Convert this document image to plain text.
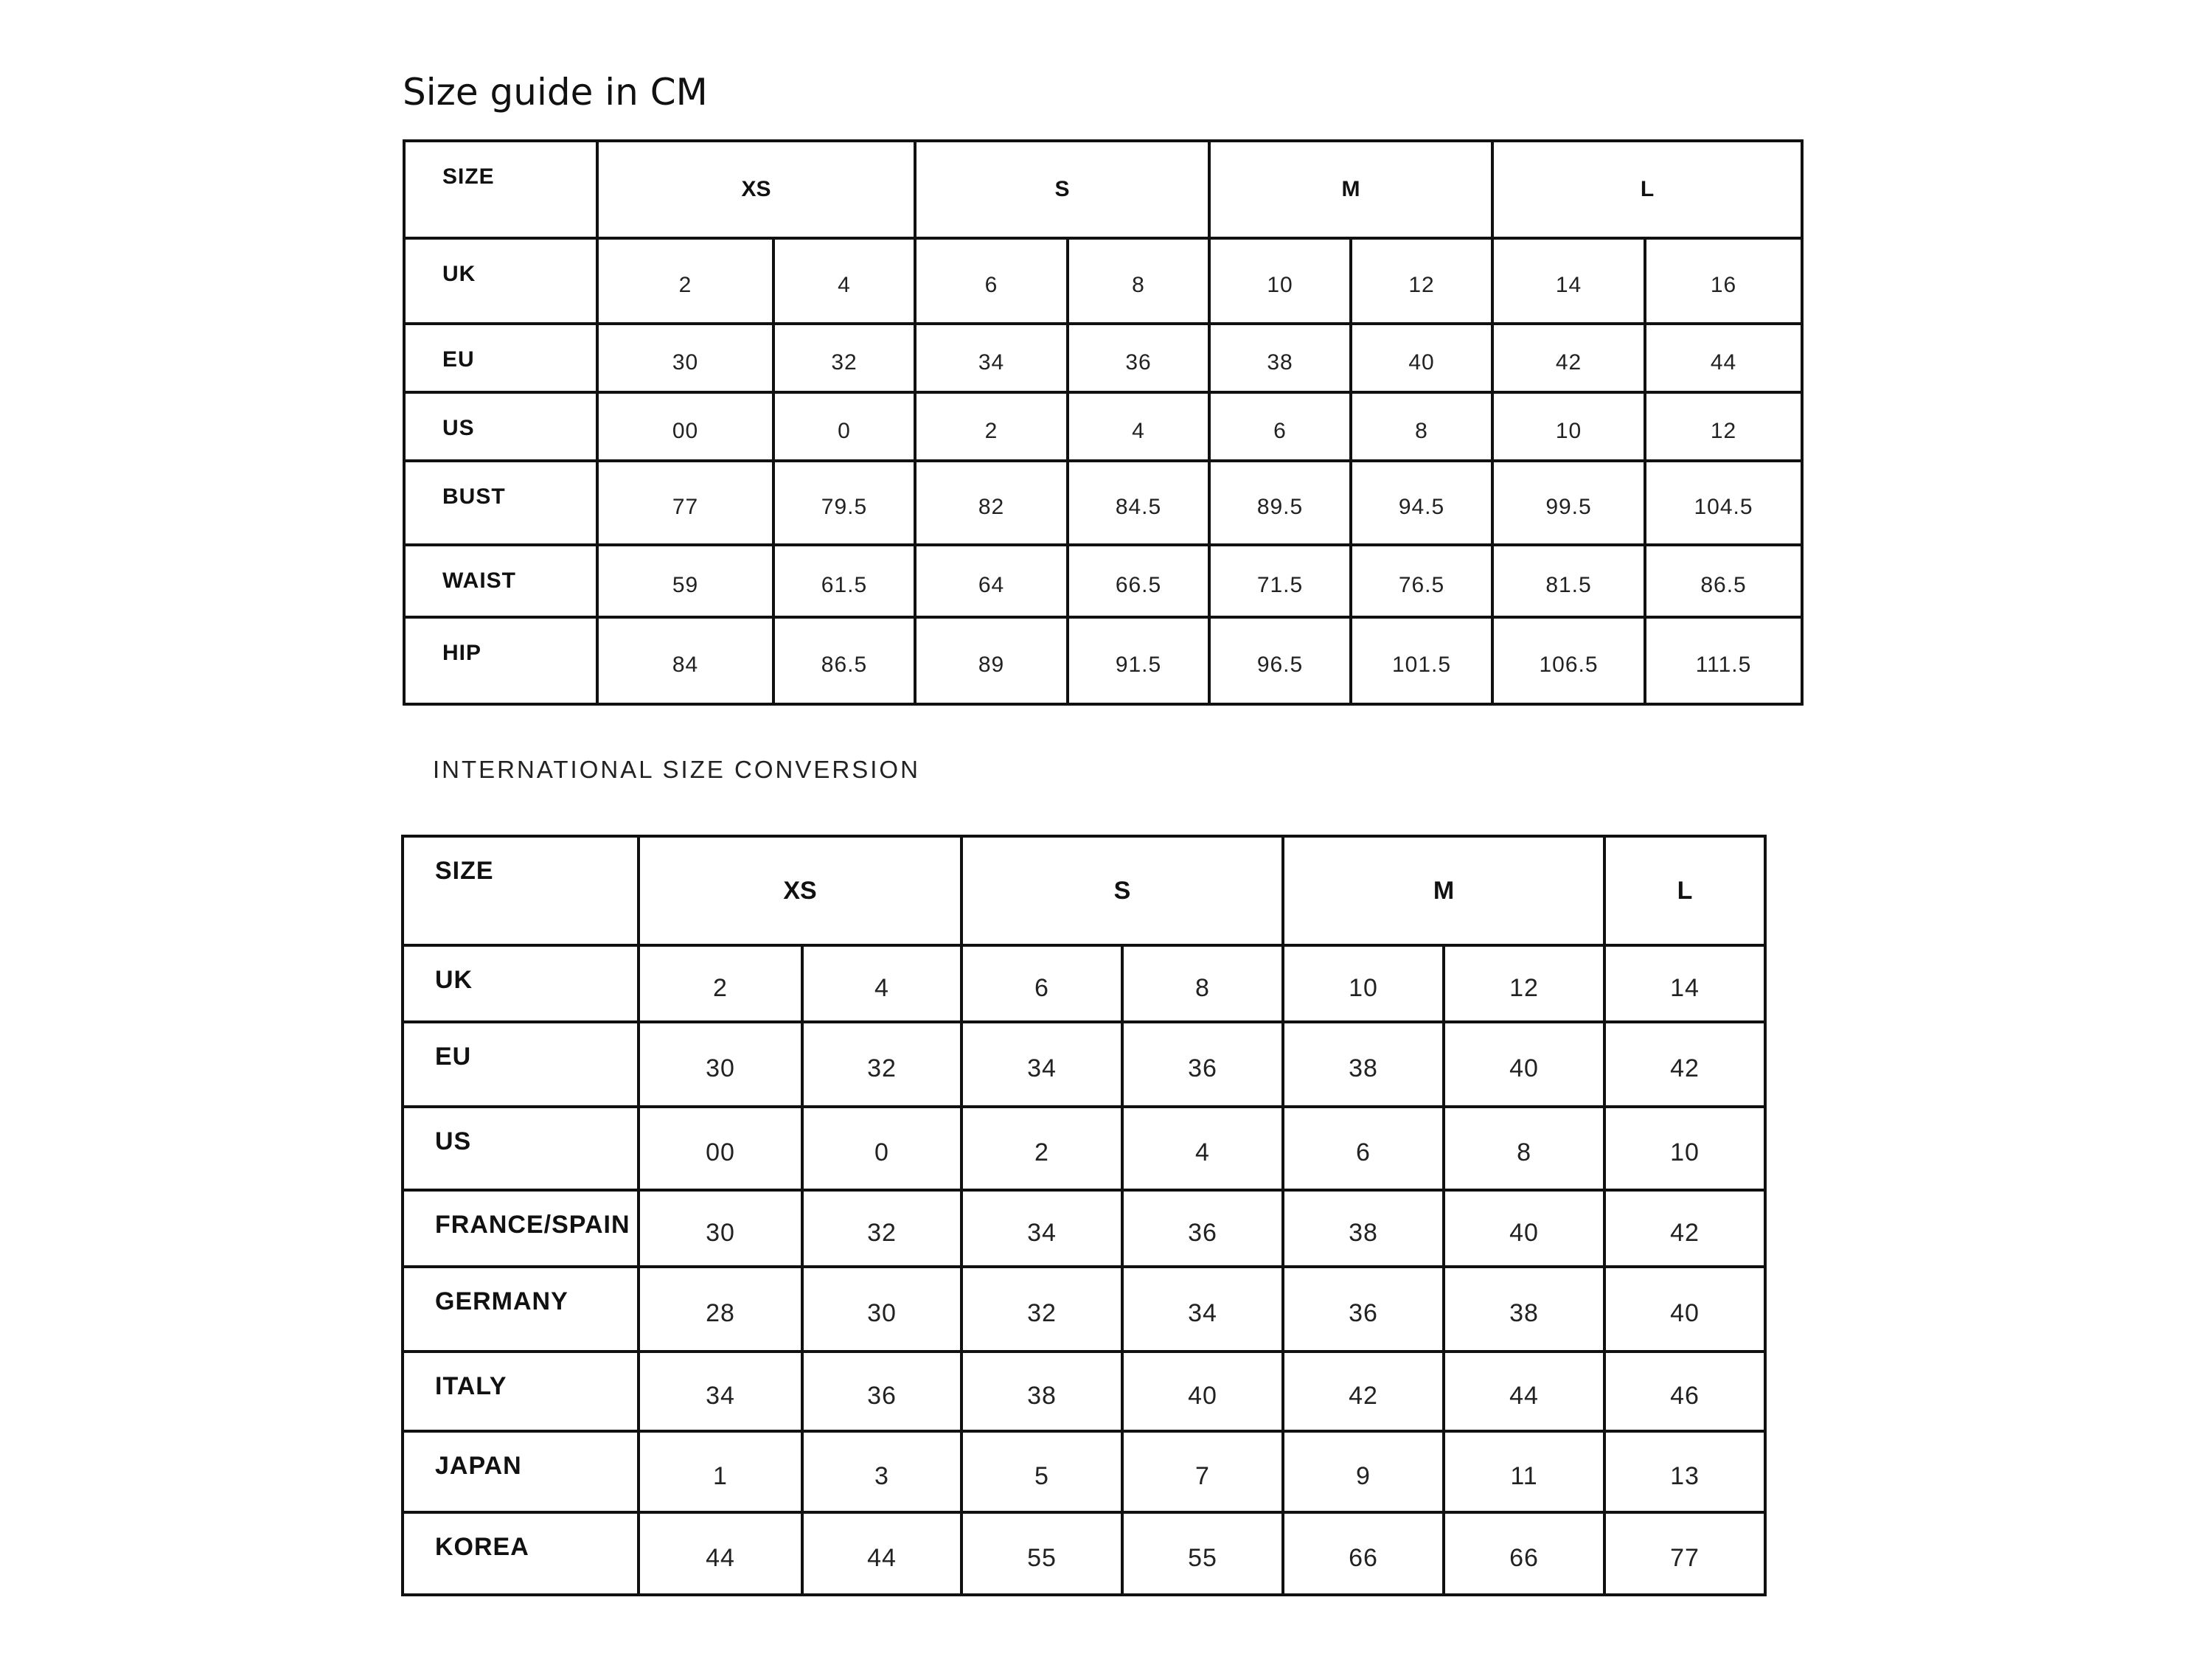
Size guide in CM
SIZE	XS		S		M		L	
UK	2	4	6	8	10	12	14	16
EU	30	32	34	36	38	40	42	44
US	00	0	2	4	6	8	10	12
BUST	77	79.5	82	84.5	89.5	94.5	99.5	104.5
WAIST	59	61.5	64	66.5	71.5	76.5	81.5	86.5
HIP	84	86.5	89	91.5	96.5	101.5	106.5	111.5
INTERNATIONAL SIZE CONVERSION
SIZE	XS		S		M		L
UK	2	4	6	8	10	12	14
EU	30	32	34	36	38	40	42
US	00	0	2	4	6	8	10
FRANCE/SPAIN	30	32	34	36	38	40	42
GERMANY	28	30	32	34	36	38	40
ITALY	34	36	38	40	42	44	46
JAPAN	1	3	5	7	9	11	13
KOREA	44	44	55	55	66	66	77
